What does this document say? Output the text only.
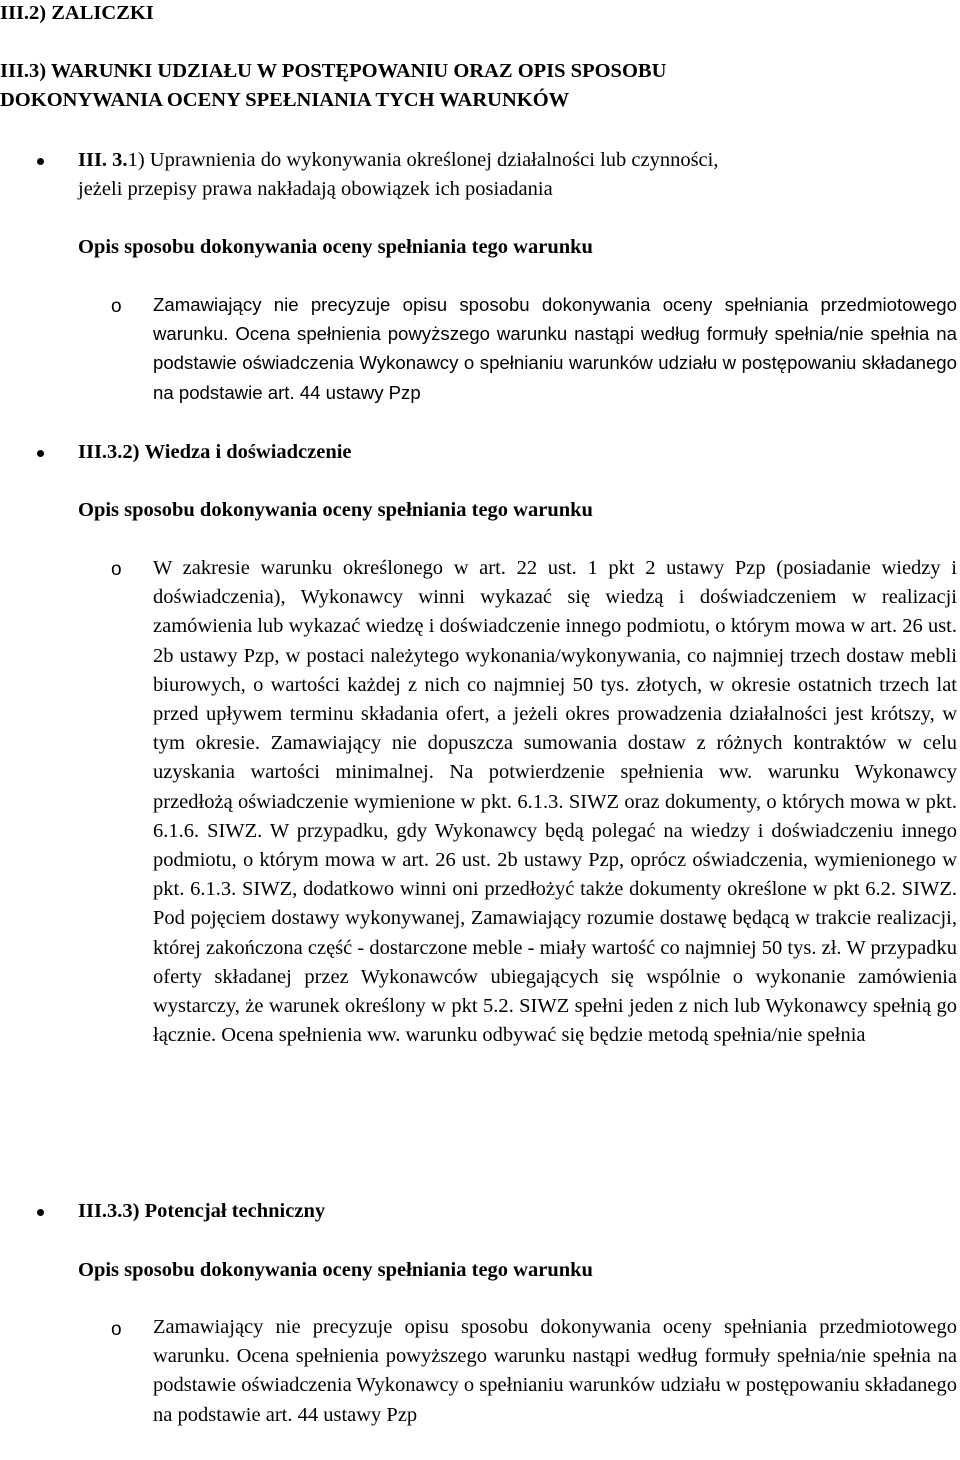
III.2) ZALICZKI
III.3) WARUNKI UDZIAŁU W POSTĘPOWANIU ORAZ OPIS SPOSOBU
DOKONYWANIA OCENY SPEŁNIANIA TYCH WARUNKÓW
III. 3.1) Uprawnienia do wykonywania określonej działalności lub czynności,
jeżeli przepisy prawa nakładają obowiązek ich posiadania
Opis sposobu dokonywania oceny spełniania tego warunku
o Zamawiający nie precyzuje opisu sposobu dokonywania oceny spełniania przedmiotowego warunku. Ocena spełnienia powyższego warunku nastąpi według formuły spełnia/nie spełnia na podstawie oświadczenia Wykonawcy o spełnianiu warunków udziału w postępowaniu składanego na podstawie art. 44 ustawy Pzp

III.3.2) Wiedza i doświadczenie
Opis sposobu dokonywania oceny spełniania tego warunku
o W zakresie warunku określonego w art. 22 ust. 1 pkt 2 ustawy Pzp (posiadanie wiedzy i doświadczenia), Wykonawcy winni wykazać się wiedzą i doświadczeniem w realizacji zamówienia lub wykazać wiedzę i doświadczenie innego podmiotu, o którym mowa w art. 26 ust. 2b ustawy Pzp, w postaci należytego wykonania/wykonywania, co najmniej trzech dostaw mebli biurowych, o wartości każdej z nich co najmniej 50 tys. złotych, w okresie ostatnich trzech lat przed upływem terminu składania ofert, a jeżeli okres prowadzenia działalności jest krótszy, w tym okresie. Zamawiający nie dopuszcza sumowania dostaw z różnych kontraktów w celu uzyskania wartości minimalnej. Na potwierdzenie spełnienia ww. warunku Wykonawcy przedłożą oświadczenie wymienione w pkt. 6.1.3. SIWZ oraz dokumenty, o których mowa w pkt. 6.1.6. SIWZ. W przypadku, gdy Wykonawcy będą polegać na wiedzy i doświadczeniu innego podmiotu, o którym mowa w art. 26 ust. 2b ustawy Pzp, oprócz oświadczenia, wymienionego w pkt. 6.1.3. SIWZ, dodatkowo winni oni przedłożyć także dokumenty określone w pkt 6.2. SIWZ. Pod pojęciem dostawy wykonywanej, Zamawiający rozumie dostawę będącą w trakcie realizacji, której zakończona część - dostarczone meble - miały wartość co najmniej 50 tys. zł. W przypadku oferty składanej przez Wykonawców ubiegających się wspólnie o wykonanie zamówienia wystarczy, że warunek określony w pkt 5.2. SIWZ spełni jeden z nich lub Wykonawcy spełnią go łącznie. Ocena spełnienia ww. warunku odbywać się będzie metodą spełnia/nie spełnia

III.3.3) Potencjał techniczny
Opis sposobu dokonywania oceny spełniania tego warunku
o Zamawiający nie precyzuje opisu sposobu dokonywania oceny spełniania przedmiotowego warunku. Ocena spełnienia powyższego warunku nastąpi według formuły spełnia/nie spełnia na podstawie oświadczenia Wykonawcy o spełnianiu warunków udziału w postępowaniu składanego na podstawie art. 44 ustawy Pzp
